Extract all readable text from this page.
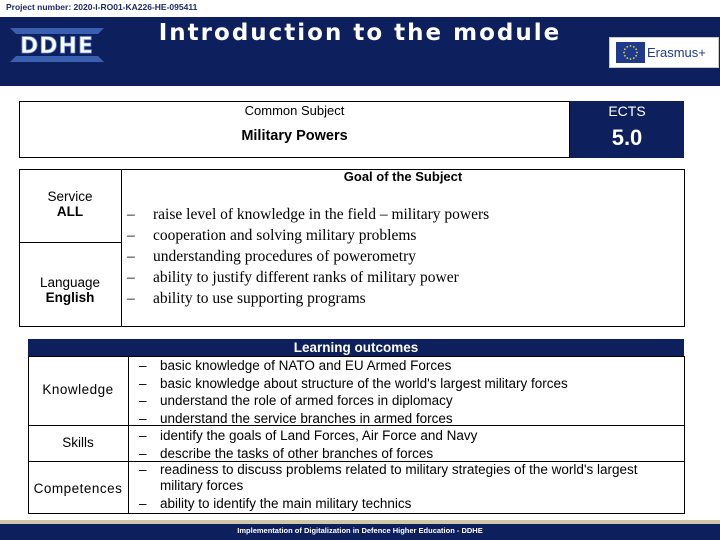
Project number: 2020-I-RO01-KA226-HE-095411
DDHE
Introduction to the module
Erasmus+
Common Subject
Military Powers
ECTS
5.0
Service
ALL
Language
English
Goal of the Subject
– raise level of knowledge in the field – military powers
– cooperation and solving military problems
– understanding procedures of powerometry
– ability to justify different ranks of military power
– ability to use supporting programs
Learning outcomes
Knowledge
Skills
Competences
– basic knowledge of NATO and EU Armed Forces
– basic knowledge about structure of the world's largest military forces
– understand the role of armed forces in diplomacy
– understand the service branches in armed forces
– identify the goals of Land Forces, Air Force and Navy
– describe the tasks of other branches of forces
– readiness to discuss problems related to military strategies of the world's largest military forces
– ability to identify the main military technics
Implementation of Digitalization in Defence Higher Education - DDHE
